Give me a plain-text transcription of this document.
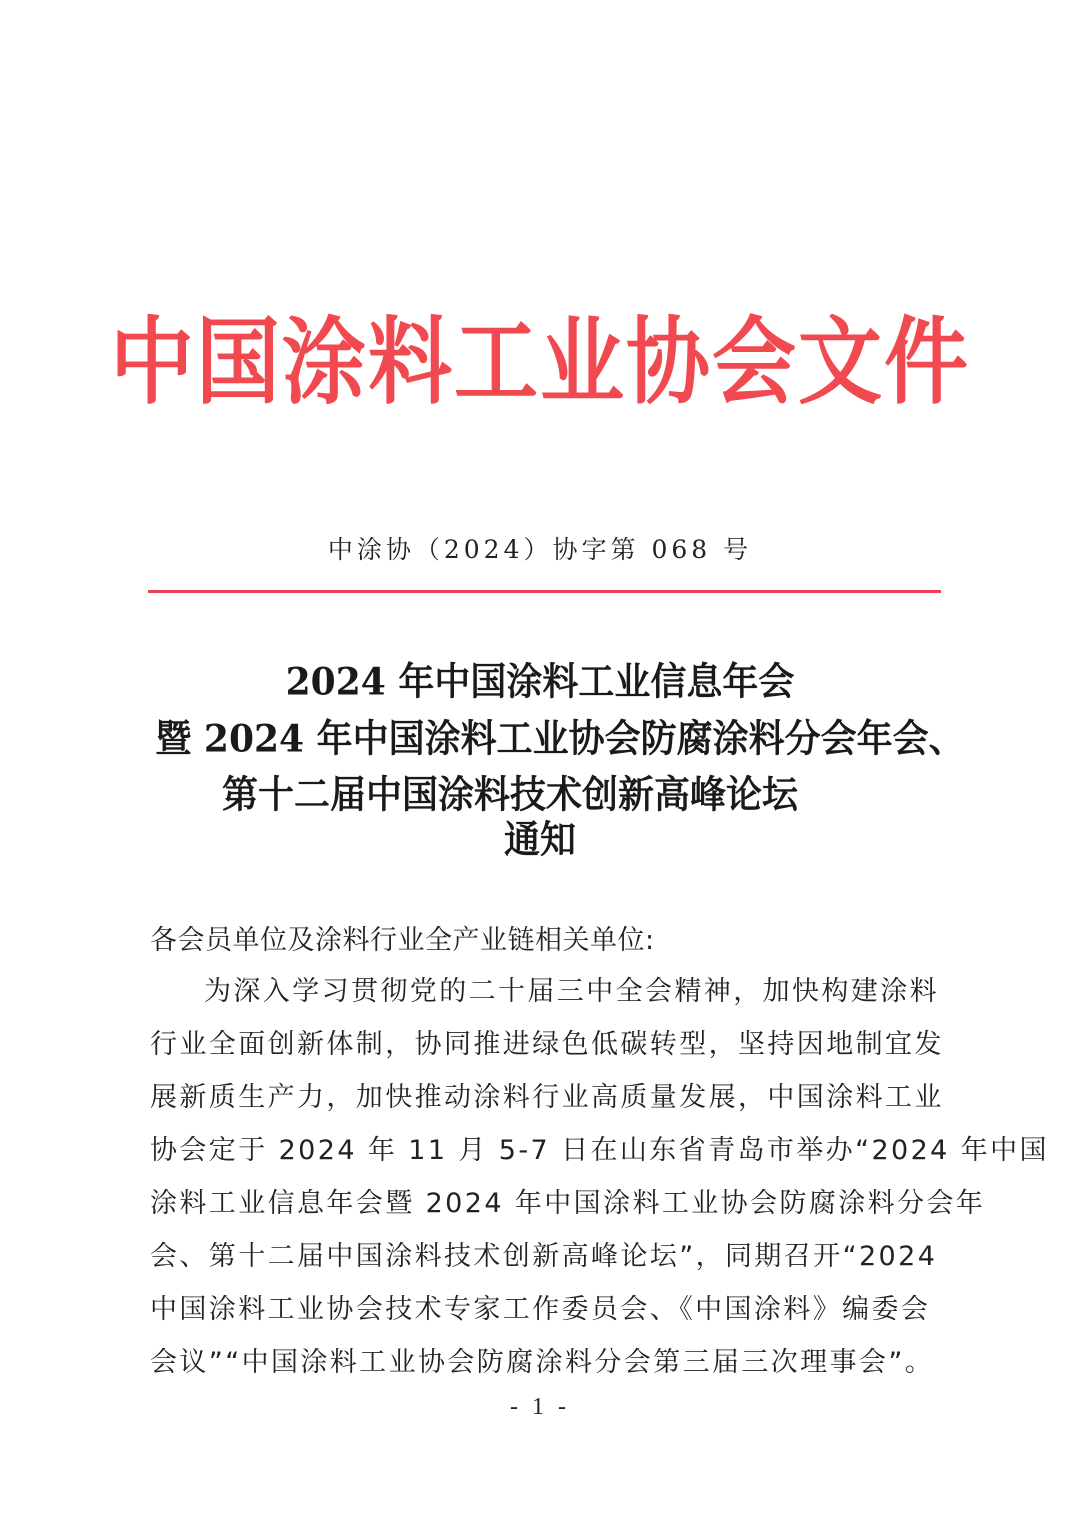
中国涂料工业协会文件
中涂协（2024）协字第 068 号
2024 年中国涂料工业信息年会
暨 2024 年中国涂料工业协会防腐涂料分会年会、
第十二届中国涂料技术创新高峰论坛
通知
各会员单位及涂料行业全产业链相关单位:
为深入学习贯彻党的二十届三中全会精神，加快构建涂料
行业全面创新体制，协同推进绿色低碳转型，坚持因地制宜发
展新质生产力，加快推动涂料行业高质量发展，中国涂料工业
协会定于 2024 年 11 月 5-7 日在山东省青岛市举办“2024 年中国
涂料工业信息年会暨 2024 年中国涂料工业协会防腐涂料分会年
会、第十二届中国涂料技术创新高峰论坛”，同期召开“2024
中国涂料工业协会技术专家工作委员会、《中国涂料》编委会
会议”“中国涂料工业协会防腐涂料分会第三届三次理事会”。
- 1 -
